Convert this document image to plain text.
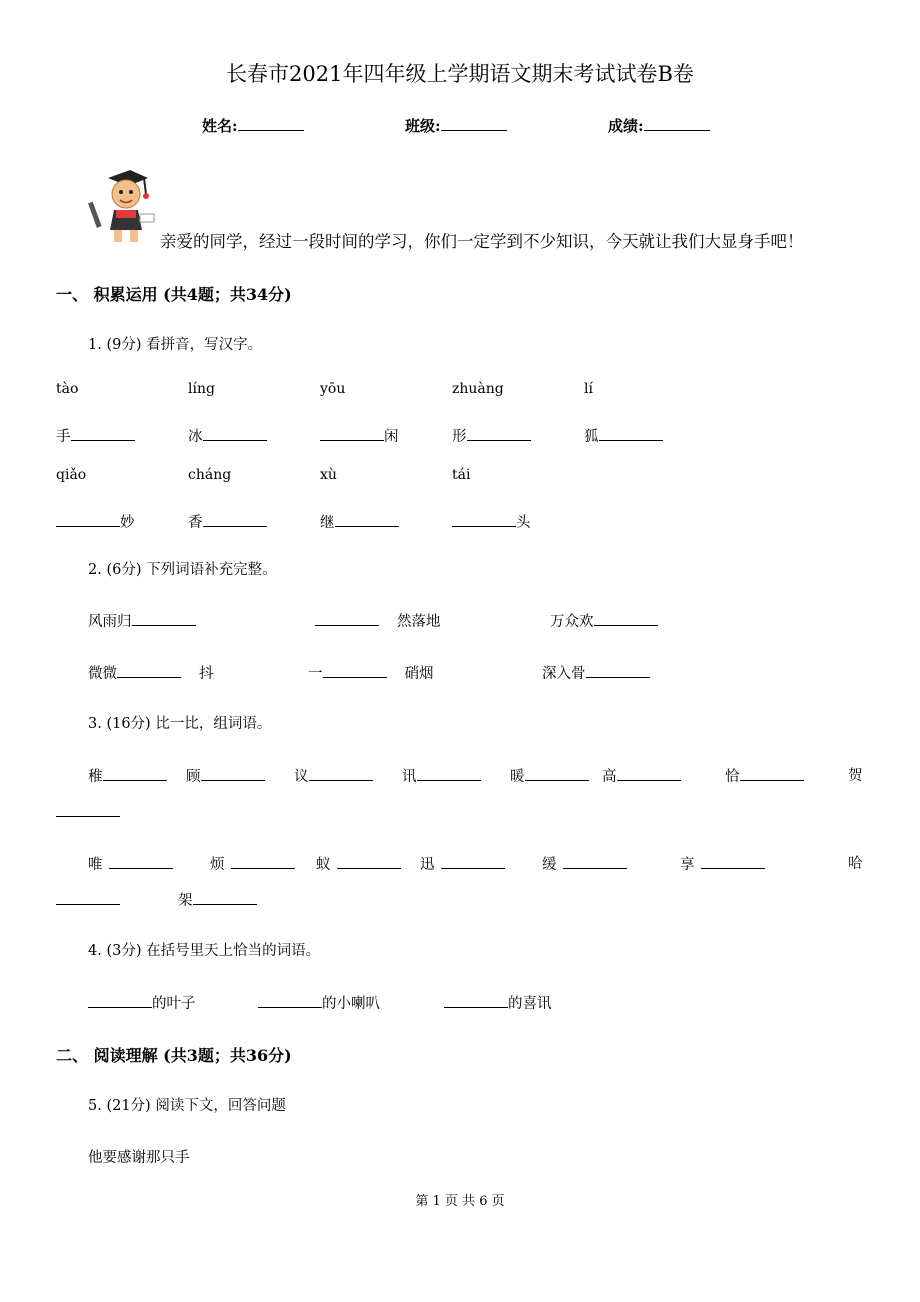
长春市2021年四年级上学期语文期末考试试卷B卷
姓名:	班级:	成绩:
亲爱的同学，经过一段时间的学习，你们一定学到不少知识，今天就让我们大显身手吧！
一、 积累运用 (共4题；共34分)
1. (9分) 看拼音，写汉字。
tào	líng	yōu	zhuàng	lí
手	冰	闲	形	狐
qiǎo	cháng	xù	tái
妙	香	继	头
2. (6分) 下列词语补充完整。
风雨归	然落地	万众欢
微微	抖	一	硝烟	深入骨
3. (16分) 比一比，组词语。
稚	顾	议	讯	暖	高	恰	贺
唯	烦	蚁	迅	缓	享	哈
架
4. (3分) 在括号里天上恰当的词语。
的叶子	的小喇叭	的喜讯
二、 阅读理解 (共3题；共36分)
5. (21分) 阅读下文，回答问题
他要感谢那只手
第 1 页 共 6 页
